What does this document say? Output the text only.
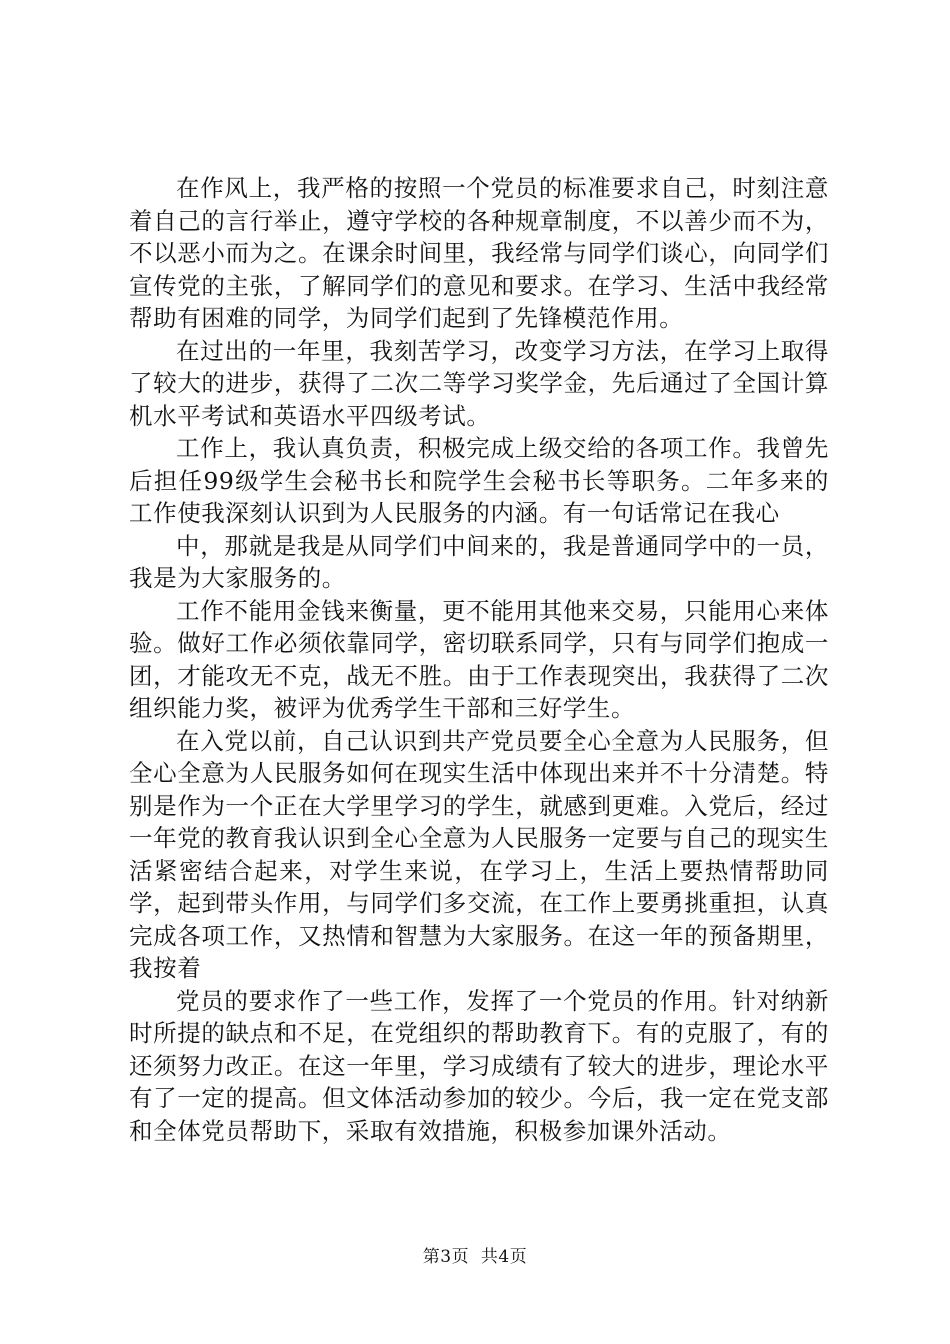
在作风上，我严格的按照一个党员的标准要求自己，时刻注意着自己的言行举止，遵守学校的各种规章制度，不以善少而不为，不以恶小而为之。在课余时间里，我经常与同学们谈心，向同学们宣传党的主张，了解同学们的意见和要求。在学习、生活中我经常帮助有困难的同学，为同学们起到了先锋模范作用。

在过出的一年里，我刻苦学习，改变学习方法，在学习上取得了较大的进步，获得了二次二等学习奖学金，先后通过了全国计算机水平考试和英语水平四级考试。

工作上，我认真负责，积极完成上级交给的各项工作。我曾先后担任99级学生会秘书长和院学生会秘书长等职务。二年多来的工作使我深刻认识到为人民服务的内涵。有一句话常记在我心

中，那就是我是从同学们中间来的，我是普通同学中的一员，我是为大家服务的。

工作不能用金钱来衡量，更不能用其他来交易，只能用心来体验。做好工作必须依靠同学，密切联系同学，只有与同学们抱成一团，才能攻无不克，战无不胜。由于工作表现突出，我获得了二次组织能力奖，被评为优秀学生干部和三好学生。

在入党以前，自己认识到共产党员要全心全意为人民服务，但全心全意为人民服务如何在现实生活中体现出来并不十分清楚。特别是作为一个正在大学里学习的学生，就感到更难。入党后，经过一年党的教育我认识到全心全意为人民服务一定要与自己的现实生活紧密结合起来，对学生来说，在学习上，生活上要热情帮助同学，起到带头作用，与同学们多交流，在工作上要勇挑重担，认真完成各项工作，又热情和智慧为大家服务。在这一年的预备期里，我按着

党员的要求作了一些工作，发挥了一个党员的作用。针对纳新时所提的缺点和不足，在党组织的帮助教育下。有的克服了，有的还须努力改正。在这一年里，学习成绩有了较大的进步，理论水平有了一定的提高。但文体活动参加的较少。今后，我一定在党支部和全体党员帮助下，采取有效措施，积极参加课外活动。

第3页  共4页
